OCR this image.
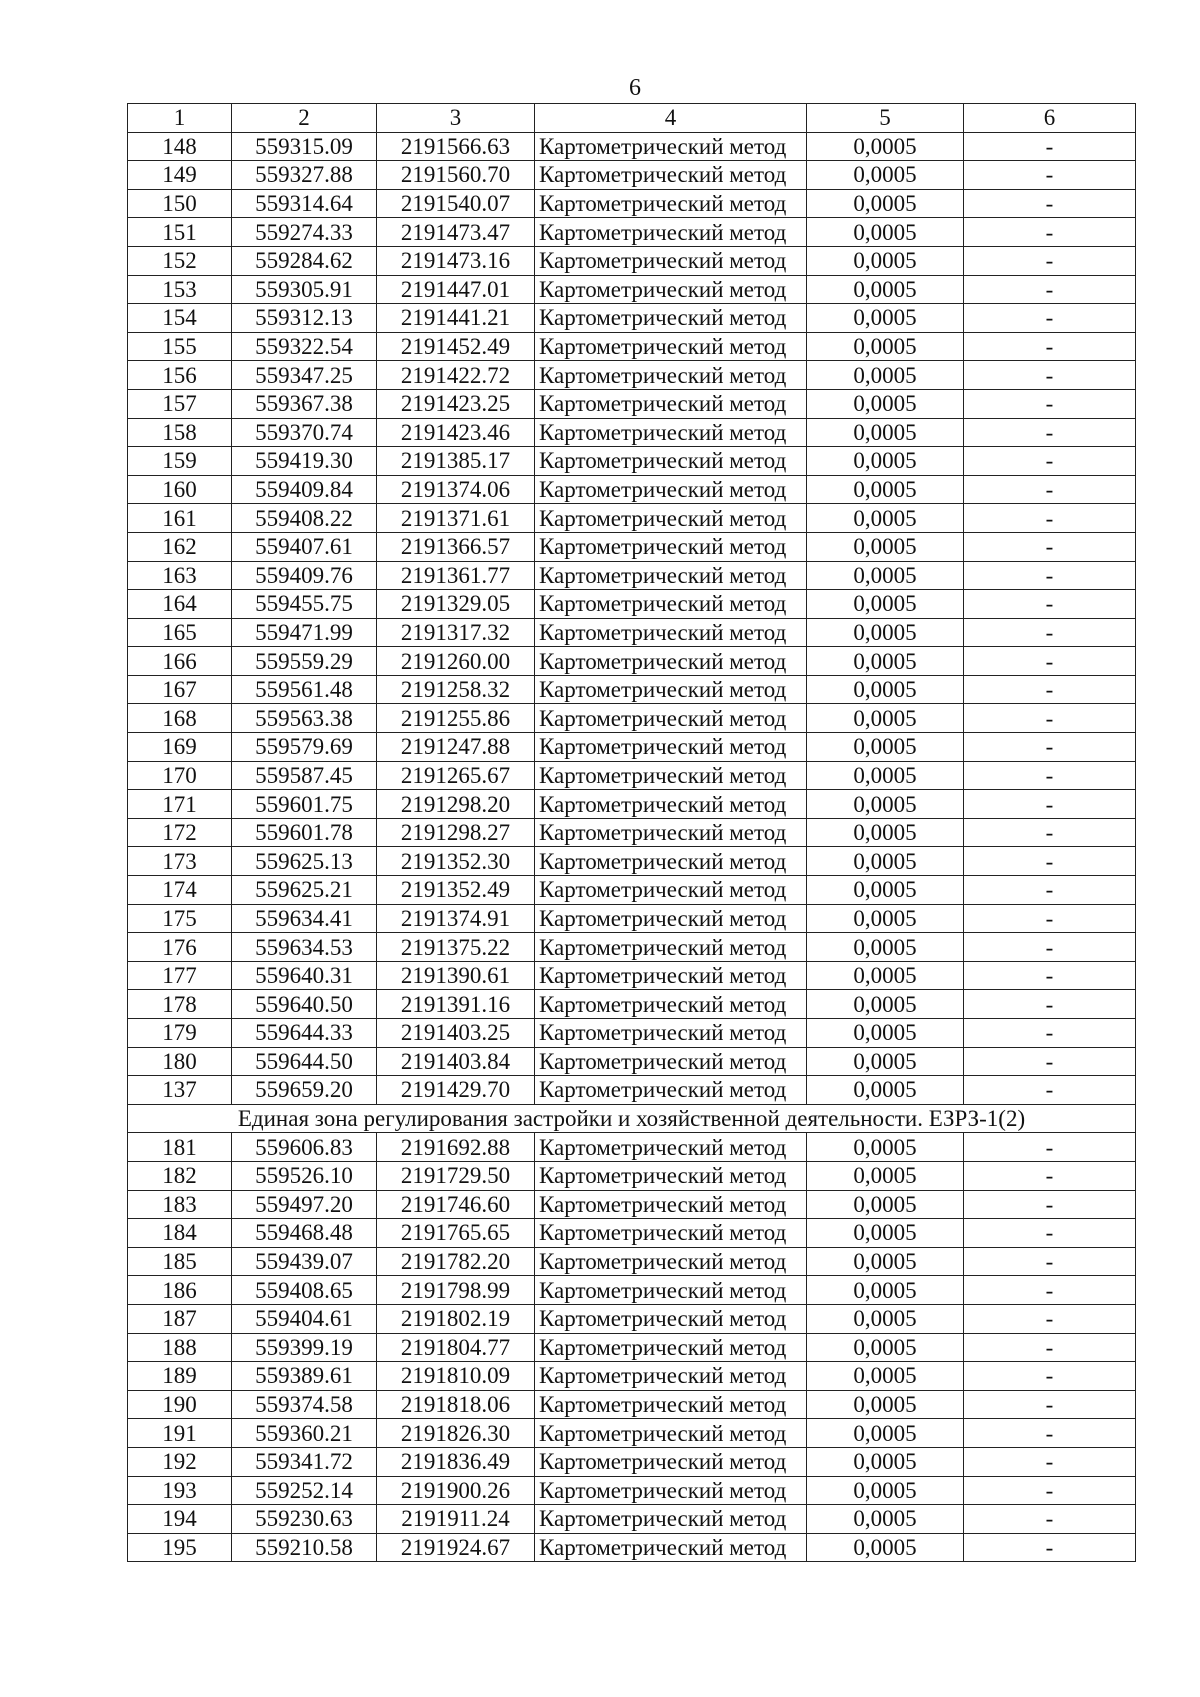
6
1	2	3	4	5	6
148	559315.09	2191566.63	Картометрический метод	0,0005	-
149	559327.88	2191560.70	Картометрический метод	0,0005	-
150	559314.64	2191540.07	Картометрический метод	0,0005	-
151	559274.33	2191473.47	Картометрический метод	0,0005	-
152	559284.62	2191473.16	Картометрический метод	0,0005	-
153	559305.91	2191447.01	Картометрический метод	0,0005	-
154	559312.13	2191441.21	Картометрический метод	0,0005	-
155	559322.54	2191452.49	Картометрический метод	0,0005	-
156	559347.25	2191422.72	Картометрический метод	0,0005	-
157	559367.38	2191423.25	Картометрический метод	0,0005	-
158	559370.74	2191423.46	Картометрический метод	0,0005	-
159	559419.30	2191385.17	Картометрический метод	0,0005	-
160	559409.84	2191374.06	Картометрический метод	0,0005	-
161	559408.22	2191371.61	Картометрический метод	0,0005	-
162	559407.61	2191366.57	Картометрический метод	0,0005	-
163	559409.76	2191361.77	Картометрический метод	0,0005	-
164	559455.75	2191329.05	Картометрический метод	0,0005	-
165	559471.99	2191317.32	Картометрический метод	0,0005	-
166	559559.29	2191260.00	Картометрический метод	0,0005	-
167	559561.48	2191258.32	Картометрический метод	0,0005	-
168	559563.38	2191255.86	Картометрический метод	0,0005	-
169	559579.69	2191247.88	Картометрический метод	0,0005	-
170	559587.45	2191265.67	Картометрический метод	0,0005	-
171	559601.75	2191298.20	Картометрический метод	0,0005	-
172	559601.78	2191298.27	Картометрический метод	0,0005	-
173	559625.13	2191352.30	Картометрический метод	0,0005	-
174	559625.21	2191352.49	Картометрический метод	0,0005	-
175	559634.41	2191374.91	Картометрический метод	0,0005	-
176	559634.53	2191375.22	Картометрический метод	0,0005	-
177	559640.31	2191390.61	Картометрический метод	0,0005	-
178	559640.50	2191391.16	Картометрический метод	0,0005	-
179	559644.33	2191403.25	Картометрический метод	0,0005	-
180	559644.50	2191403.84	Картометрический метод	0,0005	-
137	559659.20	2191429.70	Картометрический метод	0,0005	-
Единая зона регулирования застройки и хозяйственной деятельности. ЕЗРЗ-1(2)					
181	559606.83	2191692.88	Картометрический метод	0,0005	-
182	559526.10	2191729.50	Картометрический метод	0,0005	-
183	559497.20	2191746.60	Картометрический метод	0,0005	-
184	559468.48	2191765.65	Картометрический метод	0,0005	-
185	559439.07	2191782.20	Картометрический метод	0,0005	-
186	559408.65	2191798.99	Картометрический метод	0,0005	-
187	559404.61	2191802.19	Картометрический метод	0,0005	-
188	559399.19	2191804.77	Картометрический метод	0,0005	-
189	559389.61	2191810.09	Картометрический метод	0,0005	-
190	559374.58	2191818.06	Картометрический метод	0,0005	-
191	559360.21	2191826.30	Картометрический метод	0,0005	-
192	559341.72	2191836.49	Картометрический метод	0,0005	-
193	559252.14	2191900.26	Картометрический метод	0,0005	-
194	559230.63	2191911.24	Картометрический метод	0,0005	-
195	559210.58	2191924.67	Картометрический метод	0,0005	-
